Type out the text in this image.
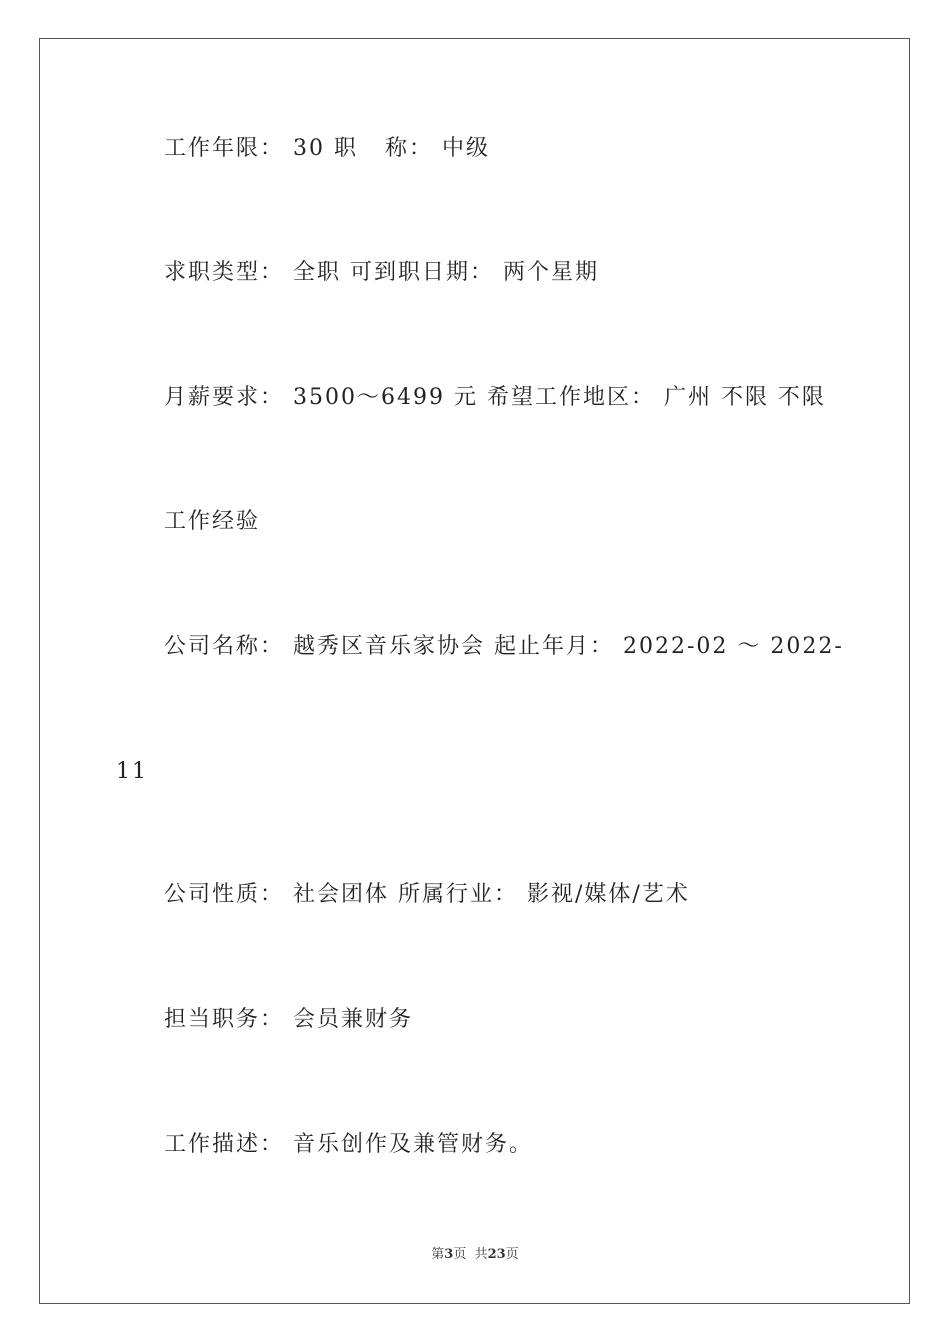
工作年限： 30 职   称： 中级
求职类型： 全职 可到职日期： 两个星期
月薪要求： 3500～6499 元 希望工作地区： 广州 不限 不限
工作经验
公司名称： 越秀区音乐家协会 起止年月： 2022-02 ～ 2022-
11
公司性质： 社会团体 所属行业： 影视/媒体/艺术
担当职务： 会员兼财务
工作描述： 音乐创作及兼管财务。
第3页  共23页
